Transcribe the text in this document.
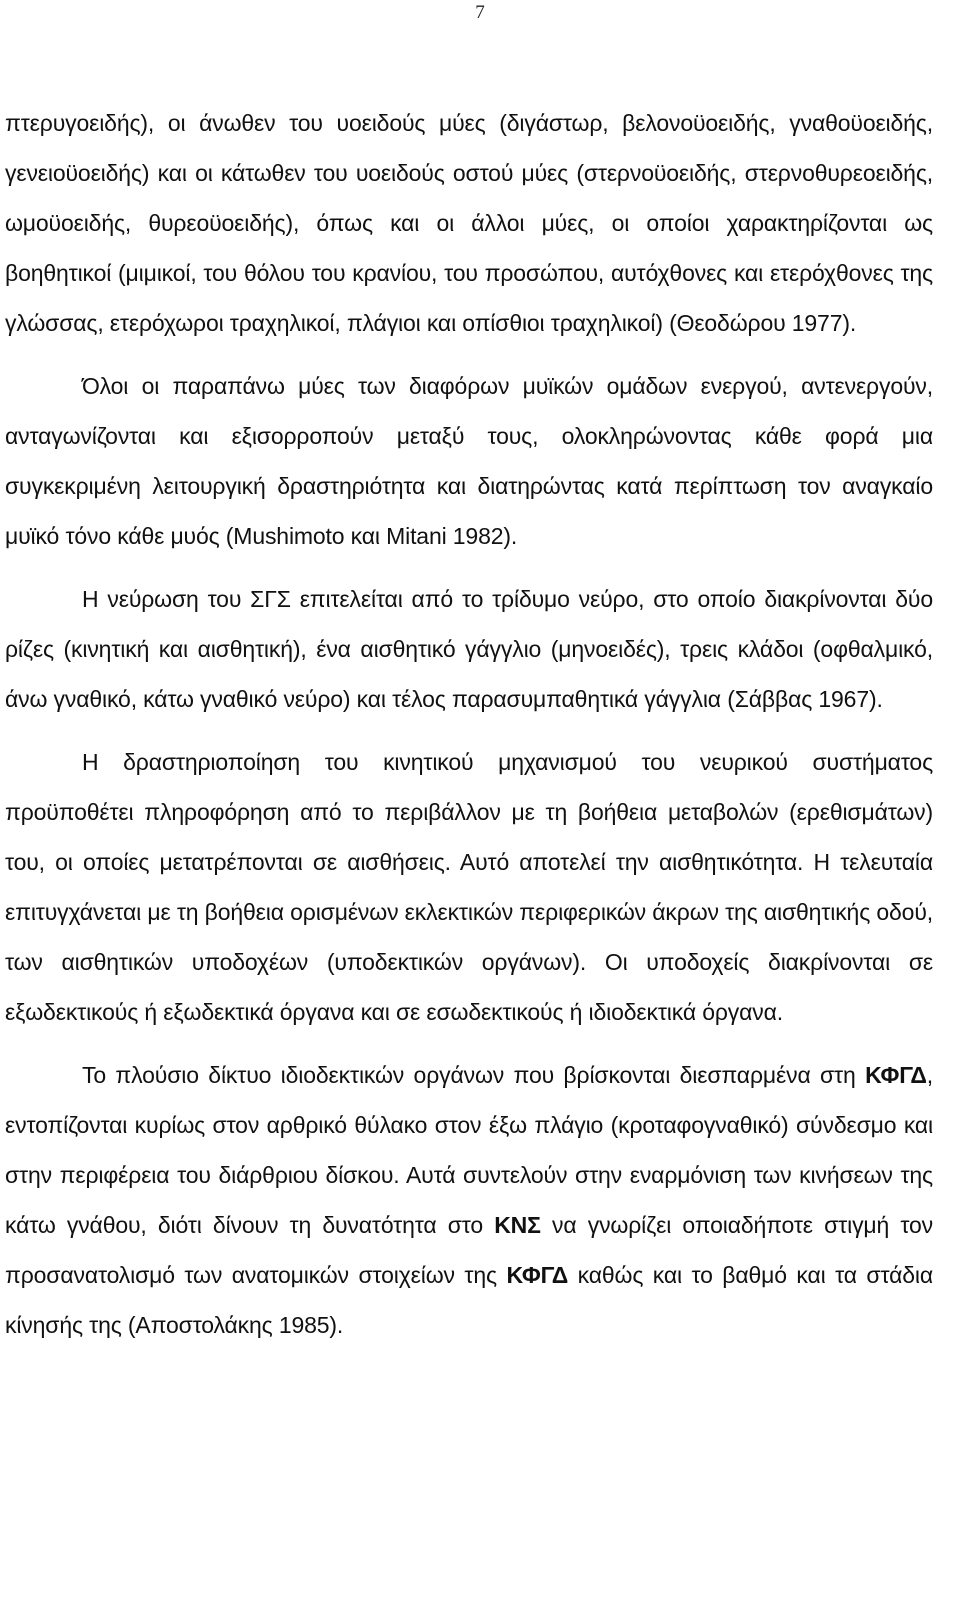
7

πτερυγοειδής), οι άνωθεν του υοειδούς μύες (διγάστωρ, βελονοϋοειδής, γναθοϋοειδής, γενειοϋοειδής) και οι κάτωθεν του υοειδούς οστού μύες (στερνοϋοειδής, στερνοθυρεοειδής, ωμοϋοειδής, θυρεοϋοειδής), όπως και οι άλλοι μύες, οι οποίοι χαρακτηρίζονται ως βοηθητικοί (μιμικοί, του θόλου του κρανίου, του προσώπου, αυτόχθονες και ετερόχθονες της γλώσσας, ετερόχωροι τραχηλικοί, πλάγιοι και οπίσθιοι τραχηλικοί) (Θεοδώρου 1977).

Όλοι οι παραπάνω μύες των διαφόρων μυϊκών ομάδων ενεργού, αντενεργούν, ανταγωνίζονται και εξισορροπούν μεταξύ τους, ολοκληρώνοντας κάθε φορά μια συγκεκριμένη λειτουργική δραστηριότητα και διατηρώντας κατά περίπτωση τον αναγκαίο μυϊκό τόνο κάθε μυός (Mushimoto και Mitani 1982).

Η νεύρωση του ΣΓΣ επιτελείται από το τρίδυμο νεύρο, στο οποίο διακρίνονται δύο ρίζες (κινητική και αισθητική), ένα αισθητικό γάγγλιο (μηνοειδές), τρεις κλάδοι (οφθαλμικό, άνω γναθικό, κάτω γναθικό νεύρο) και τέλος παρασυμπαθητικά γάγγλια (Σάββας 1967).

Η δραστηριοποίηση του κινητικού μηχανισμού του νευρικού συστήματος προϋποθέτει πληροφόρηση από το περιβάλλον με τη βοήθεια μεταβολών (ερεθισμάτων) του, οι οποίες μετατρέπονται σε αισθήσεις. Αυτό αποτελεί την αισθητικότητα. Η τελευταία επιτυγχάνεται με τη βοήθεια ορισμένων εκλεκτικών περιφερικών άκρων της αισθητικής οδού, των αισθητικών υποδοχέων (υποδεκτικών οργάνων). Οι υποδοχείς διακρίνονται σε εξωδεκτικούς ή εξωδεκτικά όργανα και σε εσωδεκτικούς ή ιδιοδεκτικά όργανα.

Το πλούσιο δίκτυο ιδιοδεκτικών οργάνων που βρίσκονται διεσπαρμένα στη ΚΦΓΔ, εντοπίζονται κυρίως στον αρθρικό θύλακο στον έξω πλάγιο (κροταφογναθικό) σύνδεσμο και στην περιφέρεια του διάρθριου δίσκου. Αυτά συντελούν στην εναρμόνιση των κινήσεων της κάτω γνάθου, διότι δίνουν τη δυνατότητα στο ΚΝΣ να γνωρίζει οποιαδήποτε στιγμή τον προσανατολισμό των ανατομικών στοιχείων της ΚΦΓΔ καθώς και το βαθμό και τα στάδια κίνησής της (Αποστολάκης 1985).
